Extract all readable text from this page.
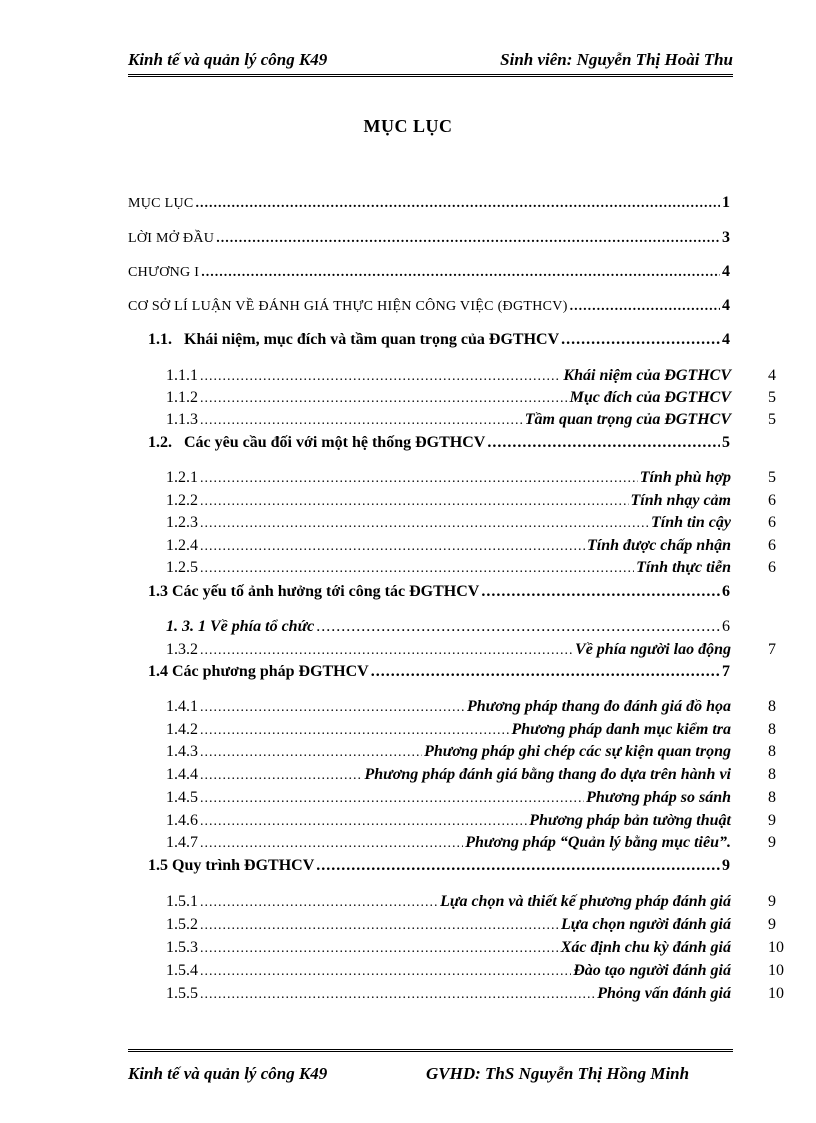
Kinh tế và quản lý công K49	Sinh viên: Nguyễn Thị Hoài Thu
MỤC LỤC
MỤC LỤC .....	1
LỜI MỞ ĐẦU .....	3
CHƯƠNG I .....	4
CƠ SỞ LÍ LUẬN VỀ ĐÁNH GIÁ THỰC HIỆN CÔNG VIỆC (ĐGTHCV) .....	4
1.1. Khái niệm, mục đích và tầm quan trọng của ĐGTHCV .....	4
1.1.1 .....	Khái niệm của ĐGTHCV 4
1.1.2 .....	Mục đích của ĐGTHCV 5
1.1.3 .....	Tầm quan trọng của ĐGTHCV 5
1.2. Các yêu cầu đối với một hệ thống ĐGTHCV .....	5
1.2.1 .....	Tính phù hợp 5
1.2.2 .....	Tính nhạy cảm 6
1.2.3 .....	Tính tin cậy 6
1.2.4 .....	Tính được chấp nhận 6
1.2.5 .....	Tính thực tiễn 6
1.3 Các yếu tố ảnh hưởng tới công tác ĐGTHCV .....	6
1. 3. 1 Về phía tổ chức .....	6
1.3.2 .....	Về phía người lao động 7
1.4 Các phương pháp ĐGTHCV .....	7
1.4.1 .....	Phương pháp thang đo đánh giá đồ họa 8
1.4.2 .....	Phương pháp danh mục kiểm tra 8
1.4.3 .....	Phương pháp ghi chép các sự kiện quan trọng 8
1.4.4 .....	Phương pháp đánh giá bằng thang đo dựa trên hành vi 8
1.4.5 .....	Phương pháp so sánh 8
1.4.6 .....	Phương pháp bản tường thuật 9
1.4.7 .....	Phương pháp “Quản lý bằng mục tiêu”. 9
1.5 Quy trình ĐGTHCV .....	9
1.5.1 .....	Lựa chọn và thiết kế phương pháp đánh giá 9
1.5.2 .....	Lựa chọn người đánh giá 9
1.5.3 .....	Xác định chu kỳ đánh giá 10
1.5.4 .....	Đào tạo người đánh giá 10
1.5.5 .....	Phỏng vấn đánh giá 10
Kinh tế và quản lý công K49	GVHD: ThS Nguyễn Thị Hồng Minh
